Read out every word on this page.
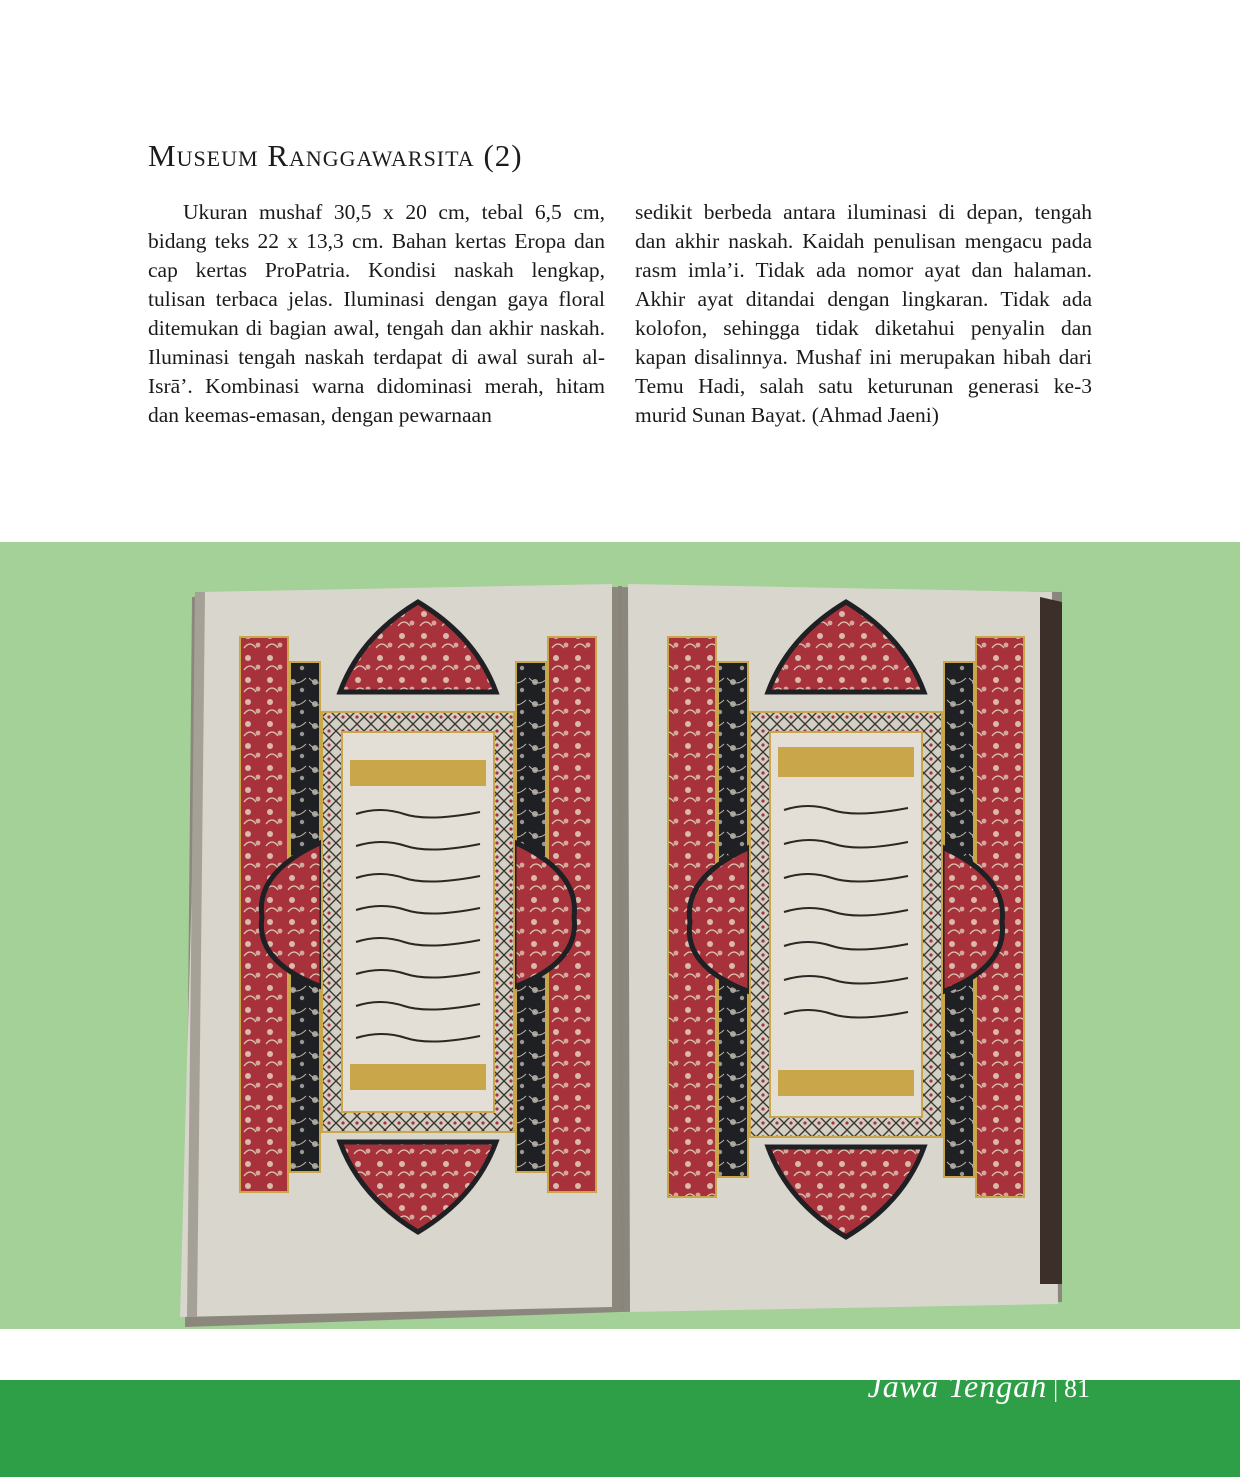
Museum Ranggawarsita (2)
Ukuran mushaf 30,5 x 20 cm, tebal 6,5 cm, bidang teks 22 x 13,3 cm. Bahan kertas Eropa dan cap kertas ProPatria. Kondisi naskah lengkap, tulisan terbaca jelas. Iluminasi dengan gaya floral ditemukan di bagian awal, tengah dan akhir naskah. Iluminasi tengah naskah terdapat di awal surah al-Isrā’. Kombinasi warna didominasi merah, hitam dan keemas-emasan, dengan pewarnaan
sedikit berbeda antara iluminasi di depan, tengah dan akhir naskah. Kaidah penulisan mengacu pada rasm imla’i. Tidak ada nomor ayat dan halaman. Akhir ayat ditandai dengan lingkaran. Tidak ada kolofon, sehingga tidak diketahui penyalin dan kapan disalinnya. Mushaf ini merupakan hibah dari Temu Hadi, salah satu keturunan generasi ke-3 murid Sunan Bayat. (Ahmad Jaeni)
Jawa Tengah | 81
